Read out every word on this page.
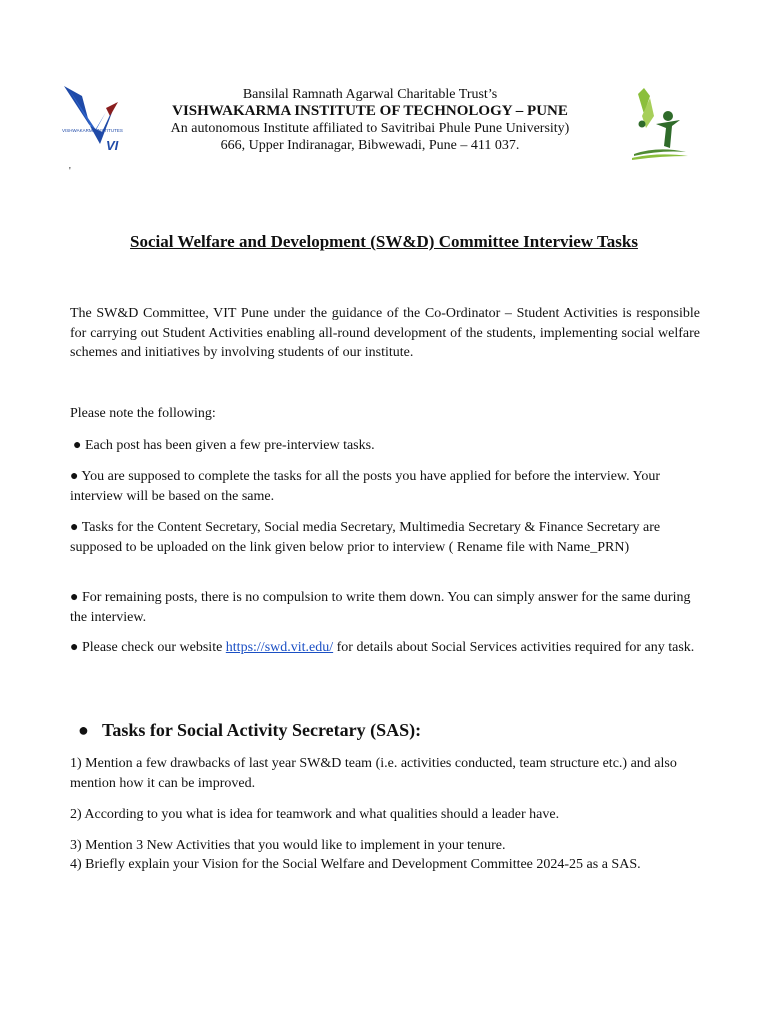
VISHWAKARMA INSTITUTES
VI
Bansilal Ramnath Agarwal Charitable Trust’s
VISHWAKARMA INSTITUTE OF TECHNOLOGY – PUNE
An autonomous Institute affiliated to Savitribai Phule Pune University)
666, Upper Indiranagar, Bibwewadi, Pune – 411 037.
'
Social Welfare and Development (SW&D) Committee Interview Tasks
The SW&D Committee, VIT Pune under the guidance of the Co-Ordinator – Student Activities is responsible for carrying out Student Activities enabling all-round development of the students, implementing social welfare schemes and initiatives by involving students of our institute.
Please note the following:
● Each post has been given a few pre-interview tasks.
● You are supposed to complete the tasks for all the posts you have applied for before the interview. Your interview will be based on the same.
● Tasks for the Content Secretary, Social media Secretary, Multimedia Secretary & Finance Secretary are supposed to be uploaded on the link given below prior to interview ( Rename file with Name_PRN)
● For remaining posts, there is no compulsion to write them down. You can simply answer for the same during the interview.
● Please check our website https://swd.vit.edu/ for details about Social Services activities required for any task.
● Tasks for Social Activity Secretary (SAS):
1) Mention a few drawbacks of last year SW&D team (i.e. activities conducted, team structure etc.) and also mention how it can be improved.
2) According to you what is idea for teamwork and what qualities should a leader have.
3) Mention 3 New Activities that you would like to implement in your tenure.
4) Briefly explain your Vision for the Social Welfare and Development Committee 2024-25 as a SAS.
